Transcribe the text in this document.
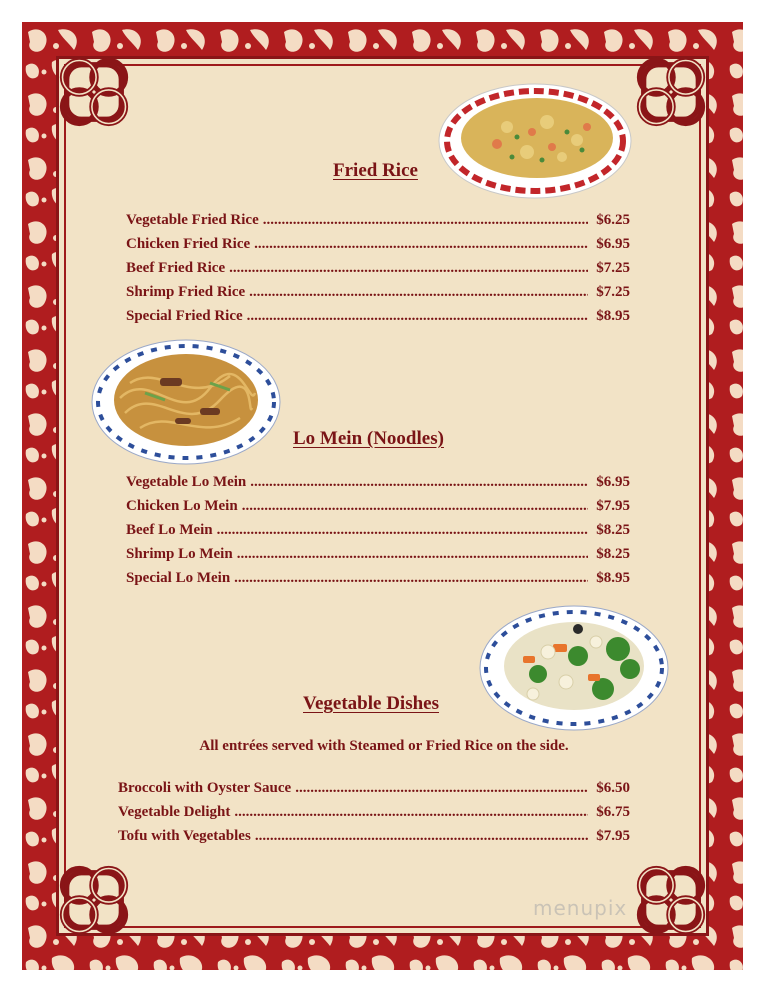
Fried Rice
Vegetable Fried Rice .....	$6.25
Chicken Fried Rice .....	$6.95
Beef Fried Rice .....	$7.25
Shrimp Fried Rice .....	$7.25
Special Fried Rice .....	$8.95
Lo Mein (Noodles)
Vegetable Lo Mein .....	$6.95
Chicken Lo Mein .....	$7.95
Beef Lo Mein .....	$8.25
Shrimp Lo Mein .....	$8.25
Special Lo Mein .....	$8.95
Vegetable Dishes
All entrées served with Steamed or Fried Rice on the side.
Broccoli with Oyster Sauce .....	$6.50
Vegetable Delight .....	$6.75
Tofu with Vegetables .....	$7.95
menupix
